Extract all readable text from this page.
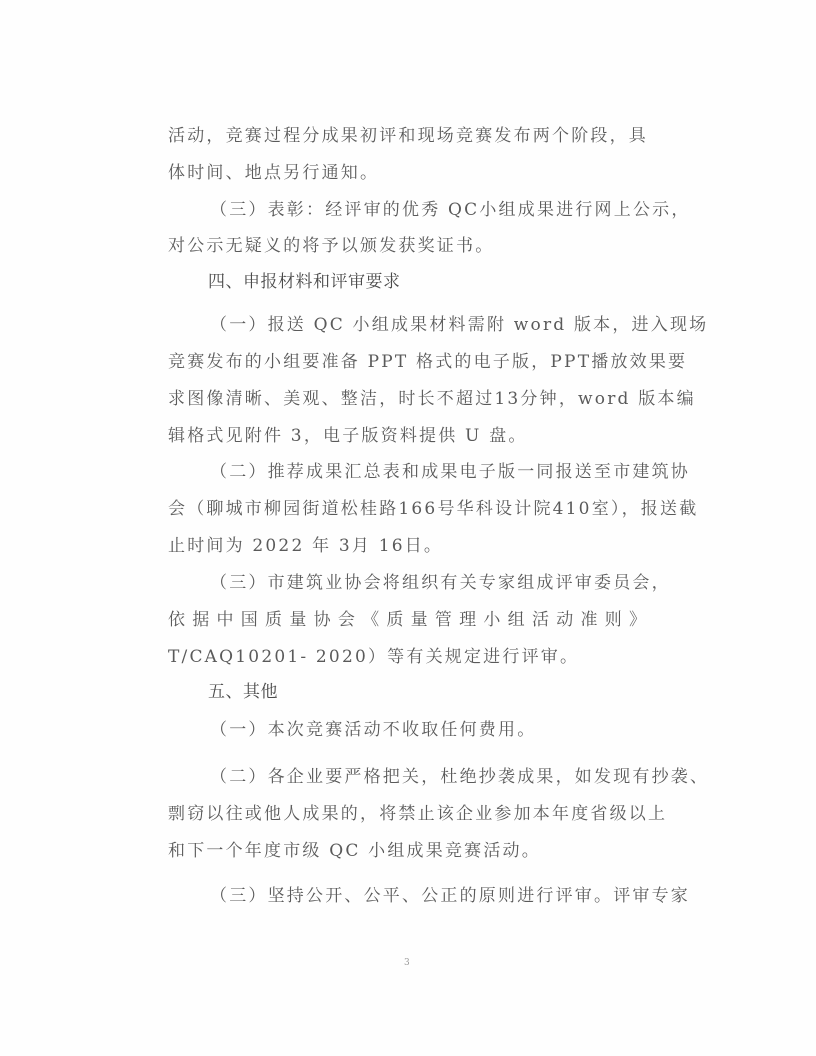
活动，竞赛过程分成果初评和现场竞赛发布两个阶段，具
体时间、地点另行通知。
（三）表彰：经评审的优秀 QC小组成果进行网上公示，
对公示无疑义的将予以颁发获奖证书。
四、申报材料和评审要求
（一）报送 QC 小组成果材料需附 word 版本，进入现场
竞赛发布的小组要准备 PPT 格式的电子版，PPT播放效果要
求图像清晰、美观、整洁，时长不超过13分钟，word 版本编
辑格式见附件 3，电子版资料提供 U 盘。
（二）推荐成果汇总表和成果电子版一同报送至市建筑协
会（聊城市柳园街道松桂路166号华科设计院410室），报送截
止时间为 2022 年 3月 16日。
（三）市建筑业协会将组织有关专家组成评审委员会，
依据中国质量协会《质量管理小组活动准则》
T/CAQ10201- 2020）等有关规定进行评审。
五、其他
（一）本次竞赛活动不收取任何费用。
（二）各企业要严格把关，杜绝抄袭成果，如发现有抄袭、
剽窃以往或他人成果的，将禁止该企业参加本年度省级以上
和下一个年度市级 QC 小组成果竞赛活动。
（三）坚持公开、公平、公正的原则进行评审。评审专家
3
